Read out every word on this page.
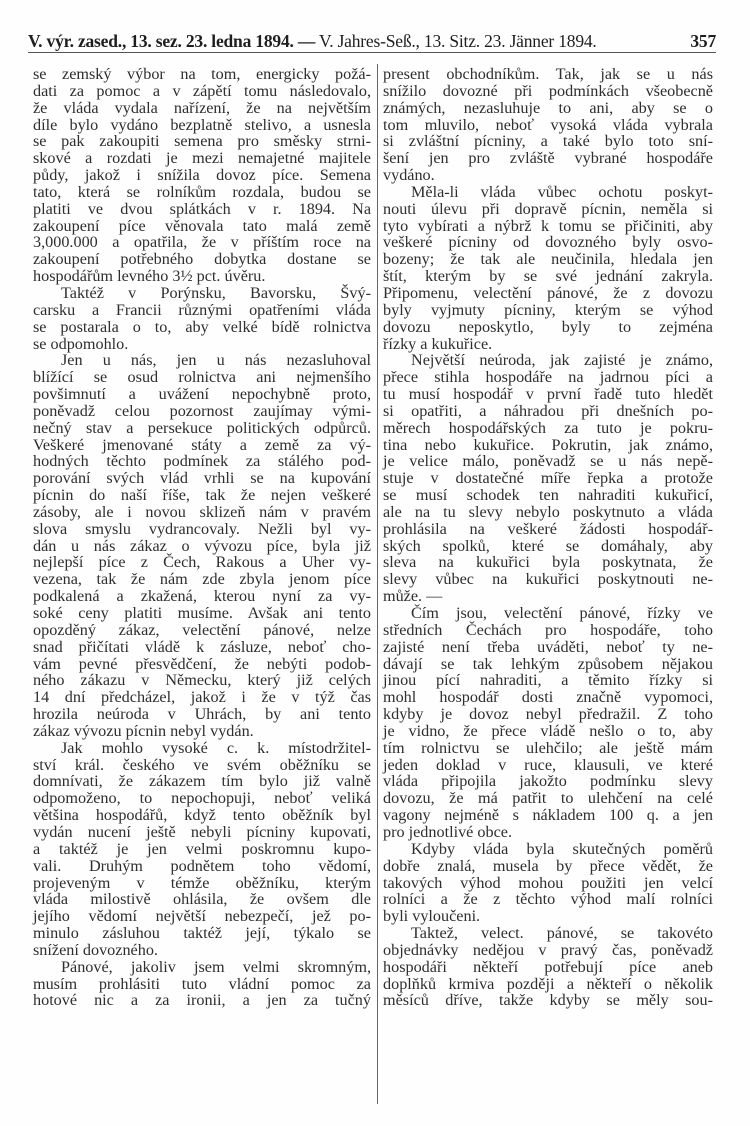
V. výr. zased., 13. sez. 23. ledna 1894. — V. Jahres-Seß., 13. Sitz. 23. Jänner 1894.	357
se zemský výbor na tom, energicky požá-
dati za pomoc a v zápětí tomu následovalo,
že vláda vydala nařízení, že na největším
díle bylo vydáno bezplatně stelivo, a usnesla
se pak zakoupiti semena pro směsky strni-
skové a rozdati je mezi nemajetné majitele
půdy, jakož i snížila dovoz píce. Semena
tato, která se rolníkům rozdala, budou se
platiti ve dvou splátkách v r. 1894. Na
zakoupení píce věnovala tato malá země
3,000.000 a opatřila, že v příštím roce na
zakoupení potřebného dobytka dostane se
hospodářům levného 3½ pct. úvěru.
Taktéž v Porýnsku, Bavorsku, Švý-
carsku a Francii různými opatřeními vláda
se postarala o to, aby velké bídě rolnictva
se odpomohlo.
Jen u nás, jen u nás nezasluhoval
blížící se osud rolnictva ani nejmenšího
povšimnutí a uvážení nepochybně proto,
poněvadž celou pozornost zaujímay vými-
nečný stav a persekuce politických odpůrců.
Veškeré jmenované státy a země za vý-
hodných těchto podmínek za stálého pod-
porování svých vlád vrhli se na kupování
pícnin do naší říše, tak že nejen veškeré
zásoby, ale i novou sklizeň nám v pravém
slova smyslu vydrancovaly. Nežli byl vy-
dán u nás zákaz o vývozu píce, byla již
nejlepší píce z Čech, Rakous a Uher vy-
vezena, tak že nám zde zbyla jenom píce
podkalená a zkažená, kterou nyní za vy-
soké ceny platiti musíme. Avšak ani tento
opozděný zákaz, velectění pánové, nelze
snad přičítati vládě k zásluze, neboť cho-
vám pevné přesvědčení, že nebýti podob-
ného zákazu v Německu, který již celých
14 dní předcházel, jakož i že v týž čas
hrozila neúroda v Uhrách, by ani tento
zákaz vývozu pícnin nebyl vydán.
Jak mohlo vysoké c. k. místodržitel-
ství král. českého ve svém oběžníku se
domnívati, že zákazem tím bylo již valně
odpomoženo, to nepochopuji, neboť veliká
většina hospodářů, když tento oběžník byl
vydán nucení ještě nebyli pícniny kupovati,
a taktéž je jen velmi poskromnu kupo-
vali. Druhým podnětem toho vědomí,
projeveným v témže oběžníku, kterým
vláda milostivě ohlásila, že ovšem dle
jejího vědomí největší nebezpečí, jež po-
minulo zásluhou taktéž její, týkalo se
snížení dovozného.
Pánové, jakoliv jsem velmi skromným,
musím prohlásiti tuto vládní pomoc za
hotové nic a za ironii, a jen za tučný
present obchodníkům. Tak, jak se u nás
snížilo dovozné při podmínkách všeobecně
známých, nezasluhuje to ani, aby se o
tom mluvilo, neboť vysoká vláda vybrala
si zvláštní pícniny, a také bylo toto sní-
šení jen pro zvláště vybrané hospodáře
vydáno.
Měla-li vláda vůbec ochotu poskyt-
nouti úlevu při dopravě pícnin, neměla si
tyto vybírati a nýbrž k tomu se přičiniti, aby
veškeré pícniny od dovozného byly osvo-
bozeny; že tak ale neučinila, hledala jen
štít, kterým by se své jednání zakryla.
Připomenu, velectění pánové, že z dovozu
byly vyjmuty pícniny, kterým se výhod
dovozu neposkytlo, byly to zejména
řízky a kukuřice.
Největší neúroda, jak zajisté je známo,
přece stihla hospodáře na jadrnou píci a
tu musí hospodář v první řadě tuto hledět
si opatřiti, a náhradou při dnešních po-
měrech hospodářských za tuto je pokru-
tina nebo kukuřice. Pokrutin, jak známo,
je velice málo, poněvadž se u nás nepě-
stuje v dostatečné míře řepka a protože
se musí schodek ten nahraditi kukuřicí,
ale na tu slevy nebylo poskytnuto a vláda
prohlásila na veškeré žádosti hospodář-
ských spolků, které se domáhaly, aby
sleva na kukuřici byla poskytnata, že
slevy vůbec na kukuřici poskytnouti ne-
může. —
Čím jsou, velectění pánové, řízky ve
středních Čechách pro hospodáře, toho
zajisté není třeba uváděti, neboť ty ne-
dávají se tak lehkým způsobem nějakou
jinou pící nahraditi, a těmito řízky si
mohl hospodář dosti značně vypomoci,
kdyby je dovoz nebyl předražil. Z toho
je vidno, že přece vládě nešlo o to, aby
tím rolnictvu se ulehčilo; ale ještě mám
jeden doklad v ruce, klausuli, ve které
vláda připojila jakožto podmínku slevy
dovozu, že má patřit to ulehčení na celé
vagony nejméně s nákladem 100 q. a jen
pro jednotlivé obce.
Kdyby vláda byla skutečných poměrů
dobře znalá, musela by přece vědět, že
takových výhod mohou použiti jen velcí
rolníci a že z těchto výhod malí rolníci
byli vyloučeni.
Taktež, velect. pánové, se takovéto
objednávky nedějou v pravý čas, poněvadž
hospodáři někteří potřebují píce aneb
doplňků krmiva později a někteří o několik
měsíců dříve, takže kdyby se měly sou-
